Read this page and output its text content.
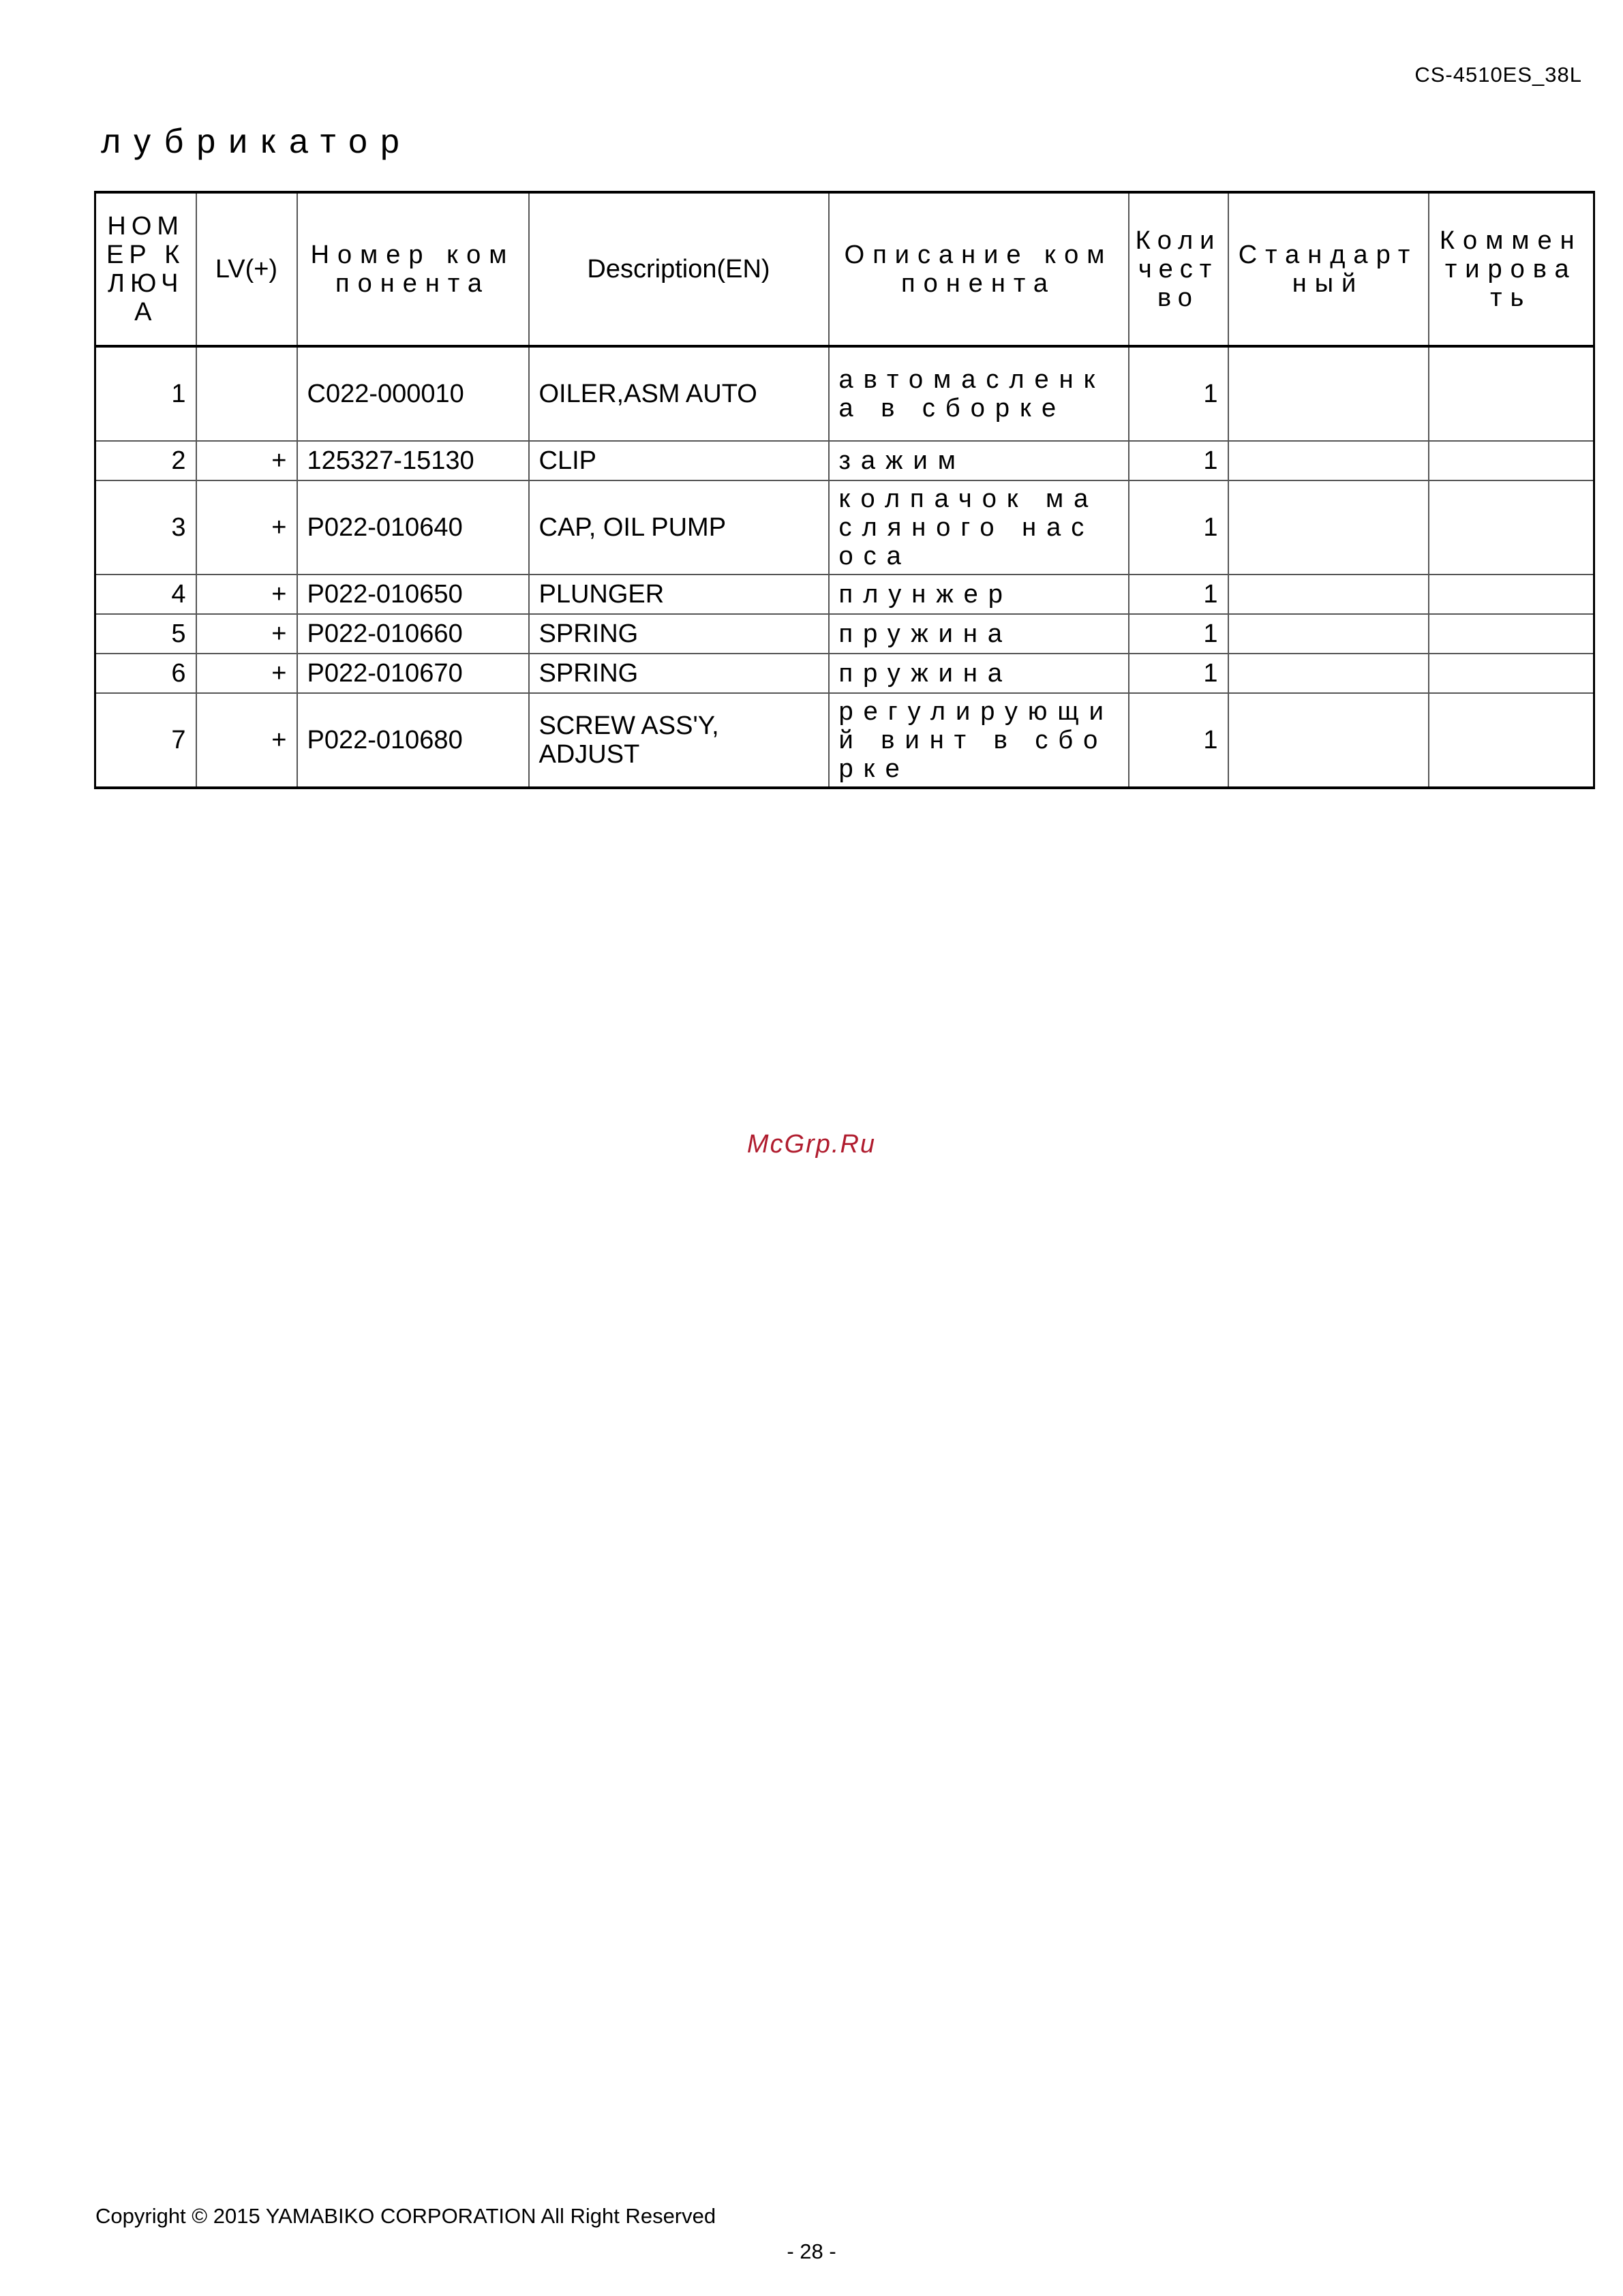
CS-4510ES_38L
лубрикатор
НОМЕР КЛЮЧА	LV(+)	Номер компонента	Description(EN)	Описание компонента	Количество	Стандартный	Комментировать
1		C022-000010	OILER,ASM AUTO	автомасленка в сборке	1		
2	+	125327-15130	CLIP	зажим	1		
3	+	P022-010640	CAP, OIL PUMP	колпачок масляного насоса	1		
4	+	P022-010650	PLUNGER	плунжер	1		
5	+	P022-010660	SPRING	пружина	1		
6	+	P022-010670	SPRING	пружина	1		
7	+	P022-010680	SCREW ASS'Y, ADJUST	регулирующий винт в сборке	1		
McGrp.Ru
Copyright © 2015 YAMABIKO CORPORATION All Right Reserved
- 28 -
